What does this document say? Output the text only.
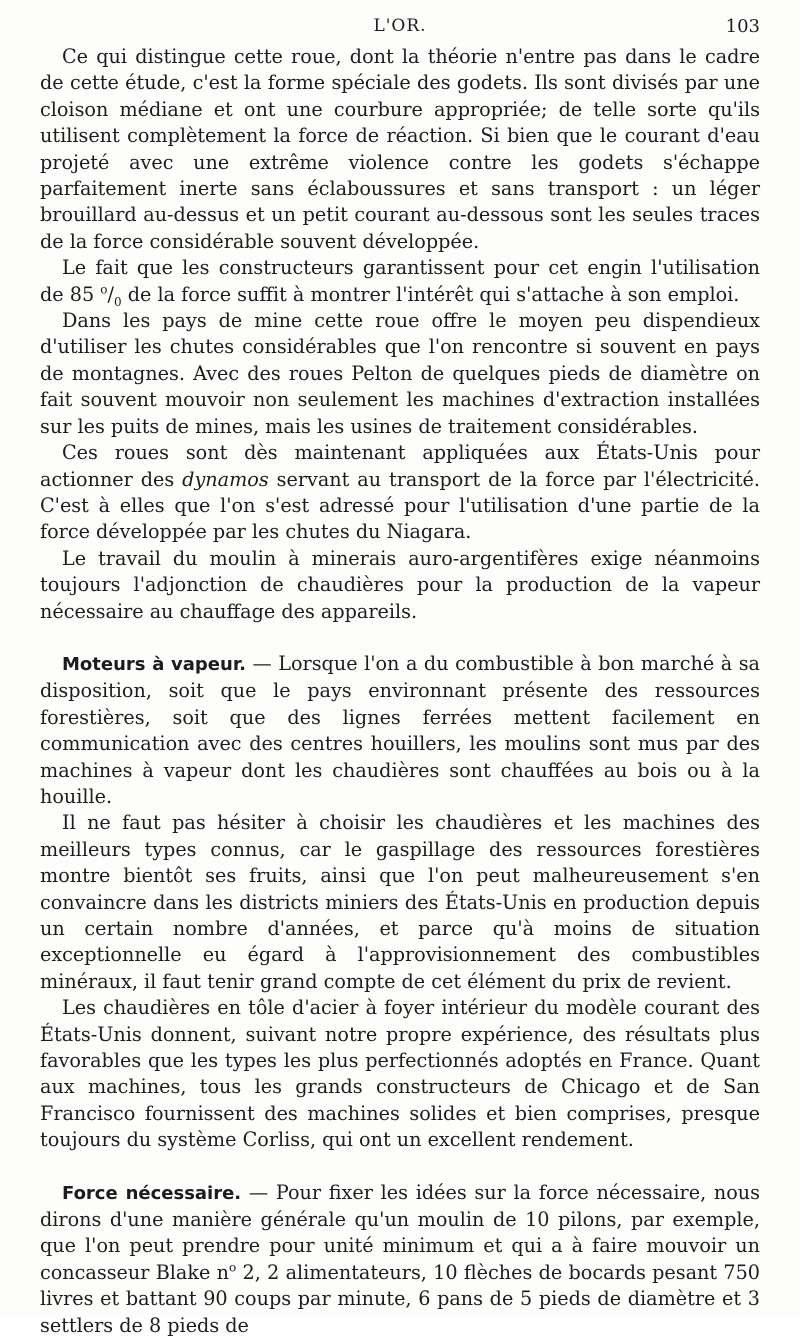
L'OR.	103

Ce qui distingue cette roue, dont la théorie n'entre pas dans le cadre de cette étude, c'est la forme spéciale des godets. Ils sont divisés par une cloison médiane et ont une courbure appropriée; de telle sorte qu'ils utilisent complètement la force de réaction. Si bien que le courant d'eau projeté avec une extrême violence contre les godets s'échappe parfaitement inerte sans éclaboussures et sans transport : un léger brouillard au-dessus et un petit courant au-dessous sont les seules traces de la force considérable souvent développée.

Le fait que les constructeurs garantissent pour cet engin l'utilisation de 85 $^o/_0$ de la force suffit à montrer l'intérêt qui s'attache à son emploi.

Dans les pays de mine cette roue offre le moyen peu dispendieux d'utiliser les chutes considérables que l'on rencontre si souvent en pays de montagnes. Avec des roues Pelton de quelques pieds de diamètre on fait souvent mouvoir non seulement les machines d'extraction installées sur les puits de mines, mais les usines de traitement considérables.

Ces roues sont dès maintenant appliquées aux États-Unis pour actionner des dynamos servant au transport de la force par l'électricité. C'est à elles que l'on s'est adressé pour l'utilisation d'une partie de la force développée par les chutes du Niagara.

Le travail du moulin à minerais auro-argentifères exige néanmoins toujours l'adjonction de chaudières pour la production de la vapeur nécessaire au chauffage des appareils.

Moteurs à vapeur. — Lorsque l'on a du combustible à bon marché à sa disposition, soit que le pays environnant présente des ressources forestières, soit que des lignes ferrées mettent facilement en communication avec des centres houillers, les moulins sont mus par des machines à vapeur dont les chaudières sont chauffées au bois ou à la houille.

Il ne faut pas hésiter à choisir les chaudières et les machines des meilleurs types connus, car le gaspillage des ressources forestières montre bientôt ses fruits, ainsi que l'on peut malheureusement s'en convaincre dans les districts miniers des États-Unis en production depuis un certain nombre d'années, et parce qu'à moins de situation exceptionnelle eu égard à l'approvisionnement des combustibles minéraux, il faut tenir grand compte de cet élément du prix de revient.

Les chaudières en tôle d'acier à foyer intérieur du modèle courant des États-Unis donnent, suivant notre propre expérience, des résultats plus favorables que les types les plus perfectionnés adoptés en France. Quant aux machines, tous les grands constructeurs de Chicago et de San Francisco fournissent des machines solides et bien comprises, presque toujours du système Corliss, qui ont un excellent rendement.

Force nécessaire. — Pour fixer les idées sur la force nécessaire, nous dirons d'une manière générale qu'un moulin de 10 pilons, par exemple, que l'on peut prendre pour unité minimum et qui a à faire mouvoir un concasseur Blake $n^o$ 2, 2 alimentateurs, 10 flèches de bocards pesant 750 livres et battant 90 coups par minute, 6 pans de 5 pieds de diamètre et 3 settlers de 8 pieds de
